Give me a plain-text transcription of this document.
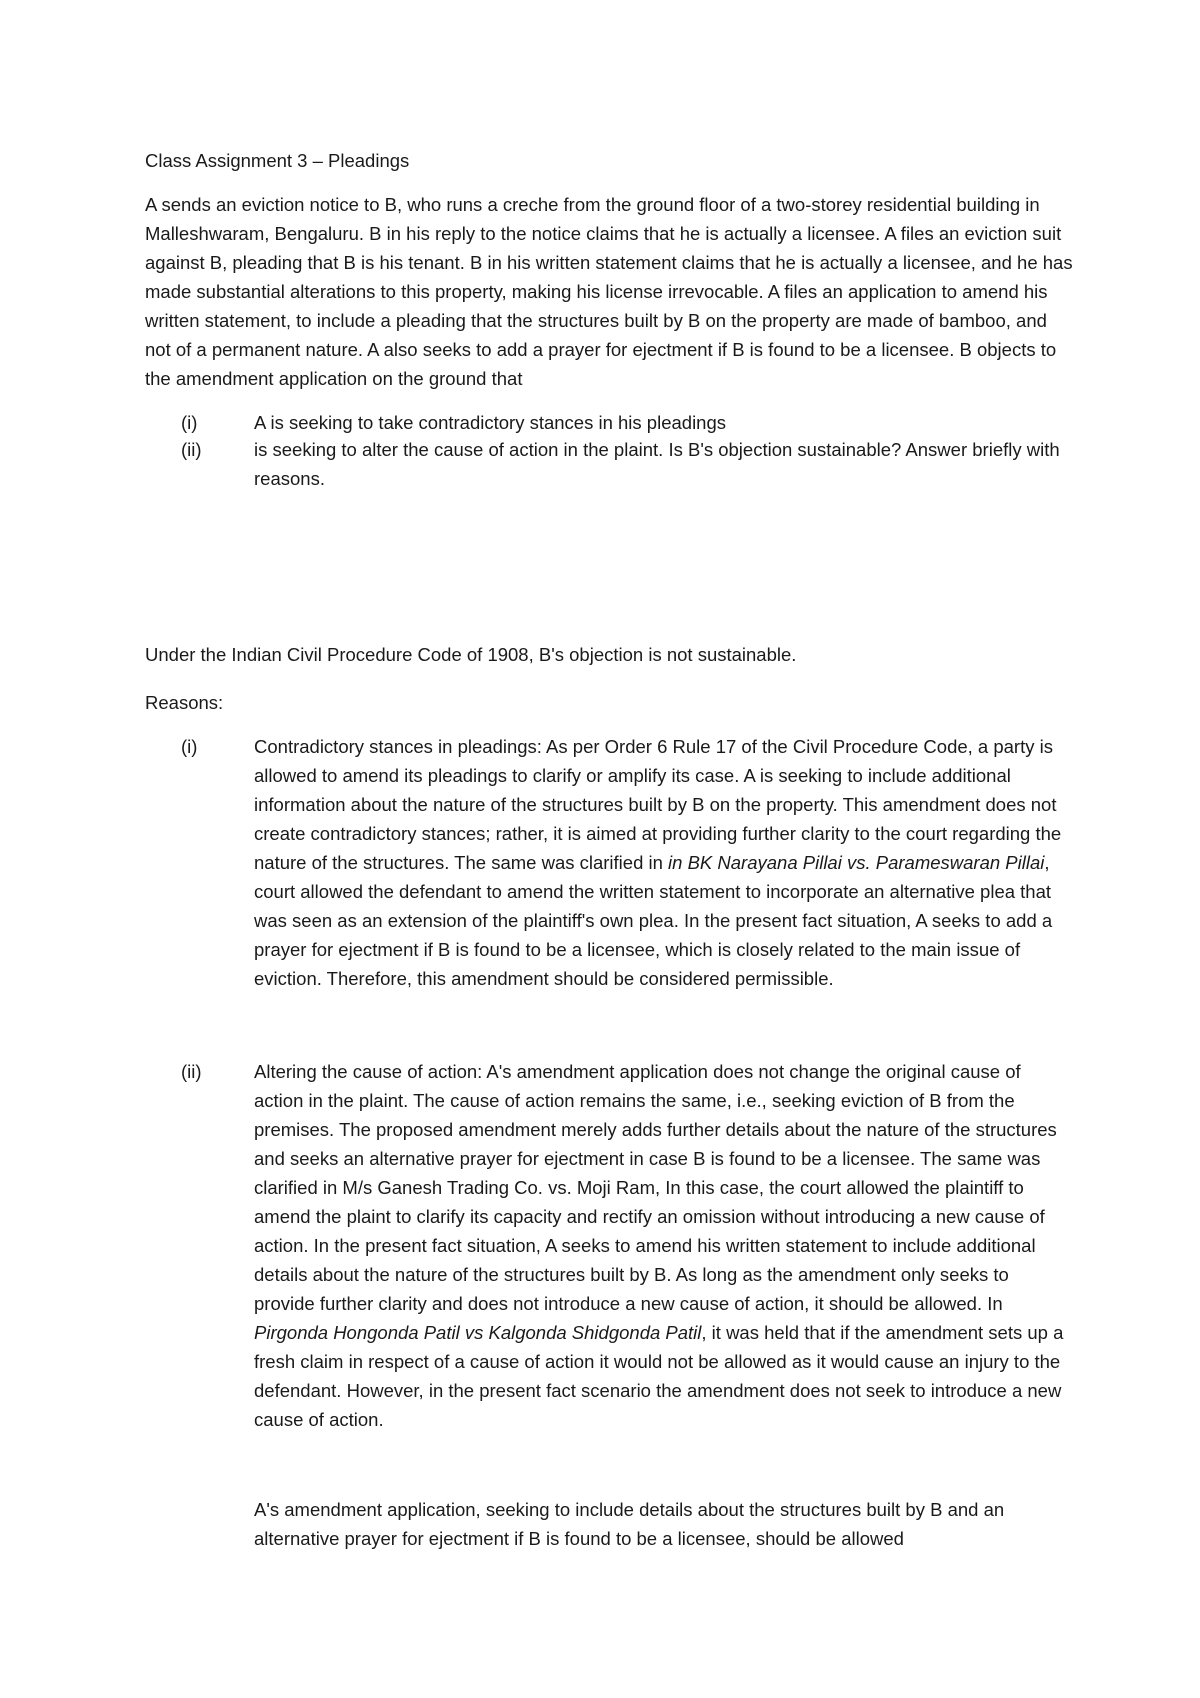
Class Assignment 3 – Pleadings
A sends an eviction notice to B, who runs a creche from the ground floor of a two-storey residential building in Malleshwaram, Bengaluru. B in his reply to the notice claims that he is actually a licensee. A files an eviction suit against B, pleading that B is his tenant. B in his written statement claims that he is actually a licensee, and he has made substantial alterations to this property, making his license irrevocable. A files an application to amend his written statement, to include a pleading that the structures built by B on the property are made of bamboo, and not of a permanent nature. A also seeks to add a prayer for ejectment if B is found to be a licensee. B objects to the amendment application on the ground that
(i)	A is seeking to take contradictory stances in his pleadings
(ii)	is seeking to alter the cause of action in the plaint. Is B's objection sustainable? Answer briefly with reasons.
Under the Indian Civil Procedure Code of 1908, B's objection is not sustainable.
Reasons:
(i)	Contradictory stances in pleadings: As per Order 6 Rule 17 of the Civil Procedure Code, a party is allowed to amend its pleadings to clarify or amplify its case. A is seeking to include additional information about the nature of the structures built by B on the property. This amendment does not create contradictory stances; rather, it is aimed at providing further clarity to the court regarding the nature of the structures. The same was clarified in in BK Narayana Pillai vs. Parameswaran Pillai, court allowed the defendant to amend the written statement to incorporate an alternative plea that was seen as an extension of the plaintiff's own plea. In the present fact situation, A seeks to add a prayer for ejectment if B is found to be a licensee, which is closely related to the main issue of eviction. Therefore, this amendment should be considered permissible.
(ii)	Altering the cause of action: A's amendment application does not change the original cause of action in the plaint. The cause of action remains the same, i.e., seeking eviction of B from the premises. The proposed amendment merely adds further details about the nature of the structures and seeks an alternative prayer for ejectment in case B is found to be a licensee. The same was clarified in M/s Ganesh Trading Co. vs. Moji Ram, In this case, the court allowed the plaintiff to amend the plaint to clarify its capacity and rectify an omission without introducing a new cause of action. In the present fact situation, A seeks to amend his written statement to include additional details about the nature of the structures built by B. As long as the amendment only seeks to provide further clarity and does not introduce a new cause of action, it should be allowed. In Pirgonda Hongonda Patil vs Kalgonda Shidgonda Patil, it was held that if the amendment sets up a fresh claim in respect of a cause of action it would not be allowed as it would cause an injury to the defendant. However, in the present fact scenario the amendment does not seek to introduce a new cause of action.
A's amendment application, seeking to include details about the structures built by B and an alternative prayer for ejectment if B is found to be a licensee, should be allowed
